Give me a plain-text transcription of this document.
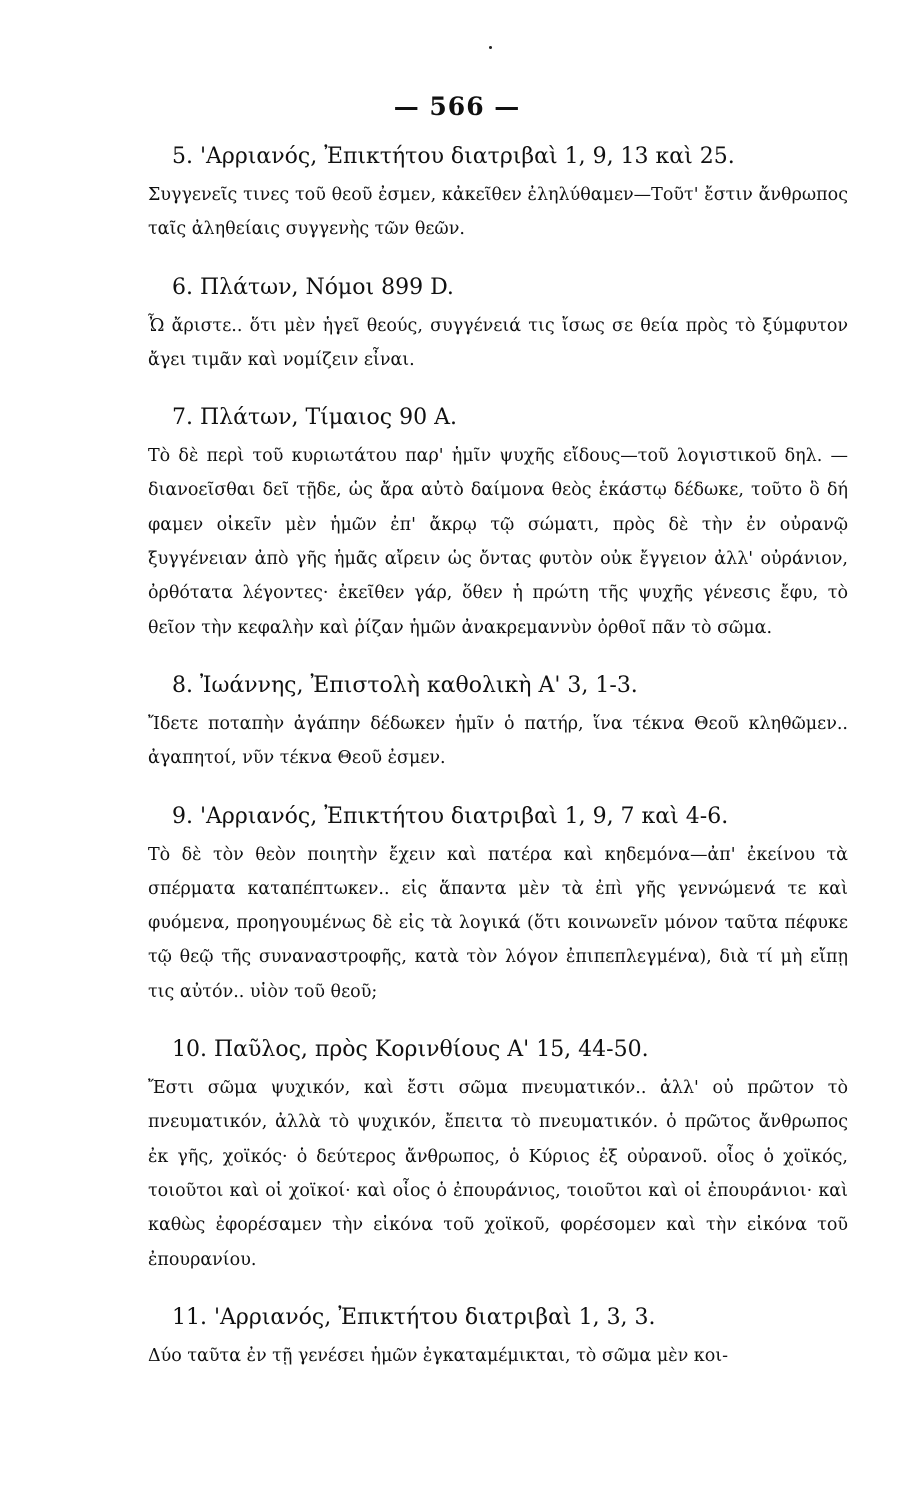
— 566 —
5. 'Αρριανός, Ἐπικτήτου διατριβαὶ 1, 9, 13 καὶ 25.
Συγγενεῖς τινες τοῦ θεοῦ ἐσμεν, κἀκεῖθεν ἐληλύθαμεν—Τοῦτ' ἔστιν ἄνθρωπος ταῖς ἀληθείαις συγγενὴς τῶν θεῶν.
6. Πλάτων, Νόμοι 899 D.
Ὦ ἄριστε.. ὅτι μὲν ἡγεῖ θεούς, συγγένειά τις ἴσως σε θεία πρὸς τὸ ξύμφυτον ἄγει τιμᾶν καὶ νομίζειν εἶναι.
7. Πλάτων, Τίμαιος 90 A.
Τὸ δὲ περὶ τοῦ κυριωτάτου παρ' ἡμῖν ψυχῆς εἴδους—τοῦ λογιστικοῦ δηλ. — διανοεῖσθαι δεῖ τῇδε, ὡς ἄρα αὐτὸ δαίμονα θεὸς ἑκάστῳ δέδωκε, τοῦτο ὃ δή φαμεν οἰκεῖν μὲν ἡμῶν ἐπ' ἄκρῳ τῷ σώματι, πρὸς δὲ τὴν ἐν οὐρανῷ ξυγγένειαν ἀπὸ γῆς ἡμᾶς αἴρειν ὡς ὄντας φυτὸν οὐκ ἔγγειον ἀλλ' οὐράνιον, ὀρθότατα λέγοντες· ἐκεῖθεν γάρ, ὅθεν ἡ πρώτη τῆς ψυχῆς γένεσις ἔφυ, τὸ θεῖον τὴν κεφαλὴν καὶ ῥίζαν ἡμῶν ἀνακρεμαννὺν ὀρθοῖ πᾶν τὸ σῶμα.
8. Ἰωάννης, Ἐπιστολὴ καθολικὴ Α' 3, 1-3.
Ἴδετε ποταπὴν ἀγάπην δέδωκεν ἡμῖν ὁ πατήρ, ἵνα τέκνα Θεοῦ κληθῶμεν.. ἀγαπητοί, νῦν τέκνα Θεοῦ ἐσμεν.
9. 'Αρριανός, Ἐπικτήτου διατριβαὶ 1, 9, 7 καὶ 4-6.
Τὸ δὲ τὸν θεὸν ποιητὴν ἔχειν καὶ πατέρα καὶ κηδεμόνα—ἀπ' ἐκείνου τὰ σπέρματα καταπέπτωκεν.. εἰς ἅπαντα μὲν τὰ ἐπὶ γῆς γεννώμενά τε καὶ φυόμενα, προηγουμένως δὲ εἰς τὰ λογικά (ὅτι κοινωνεῖν μόνον ταῦτα πέφυκε τῷ θεῷ τῆς συναναστροφῆς, κατὰ τὸν λόγον ἐπιπεπλεγμένα), διὰ τί μὴ εἴπῃ τις αὐτόν.. υἱὸν τοῦ θεοῦ;
10. Παῦλος, πρὸς Κορινθίους Α' 15, 44-50.
Ἔστι σῶμα ψυχικόν, καὶ ἔστι σῶμα πνευματικόν.. ἀλλ' οὐ πρῶτον τὸ πνευματικόν, ἀλλὰ τὸ ψυχικόν, ἔπειτα τὸ πνευματικόν. ὁ πρῶτος ἄνθρωπος ἐκ γῆς, χοϊκός· ὁ δεύτερος ἄνθρωπος, ὁ Κύριος ἐξ οὐρανοῦ. οἷος ὁ χοϊκός, τοιοῦτοι καὶ οἱ χοϊκοί· καὶ οἷος ὁ ἐπουράνιος, τοιοῦτοι καὶ οἱ ἐπουράνιοι· καὶ καθὼς ἐφορέσαμεν τὴν εἰκόνα τοῦ χοϊκοῦ, φορέσομεν καὶ τὴν εἰκόνα τοῦ ἐπουρανίου.
11. 'Αρριανός, Ἐπικτήτου διατριβαὶ 1, 3, 3.
Δύο ταῦτα ἐν τῇ γενέσει ἡμῶν ἐγκαταμέμικται, τὸ σῶμα μὲν κοι-
